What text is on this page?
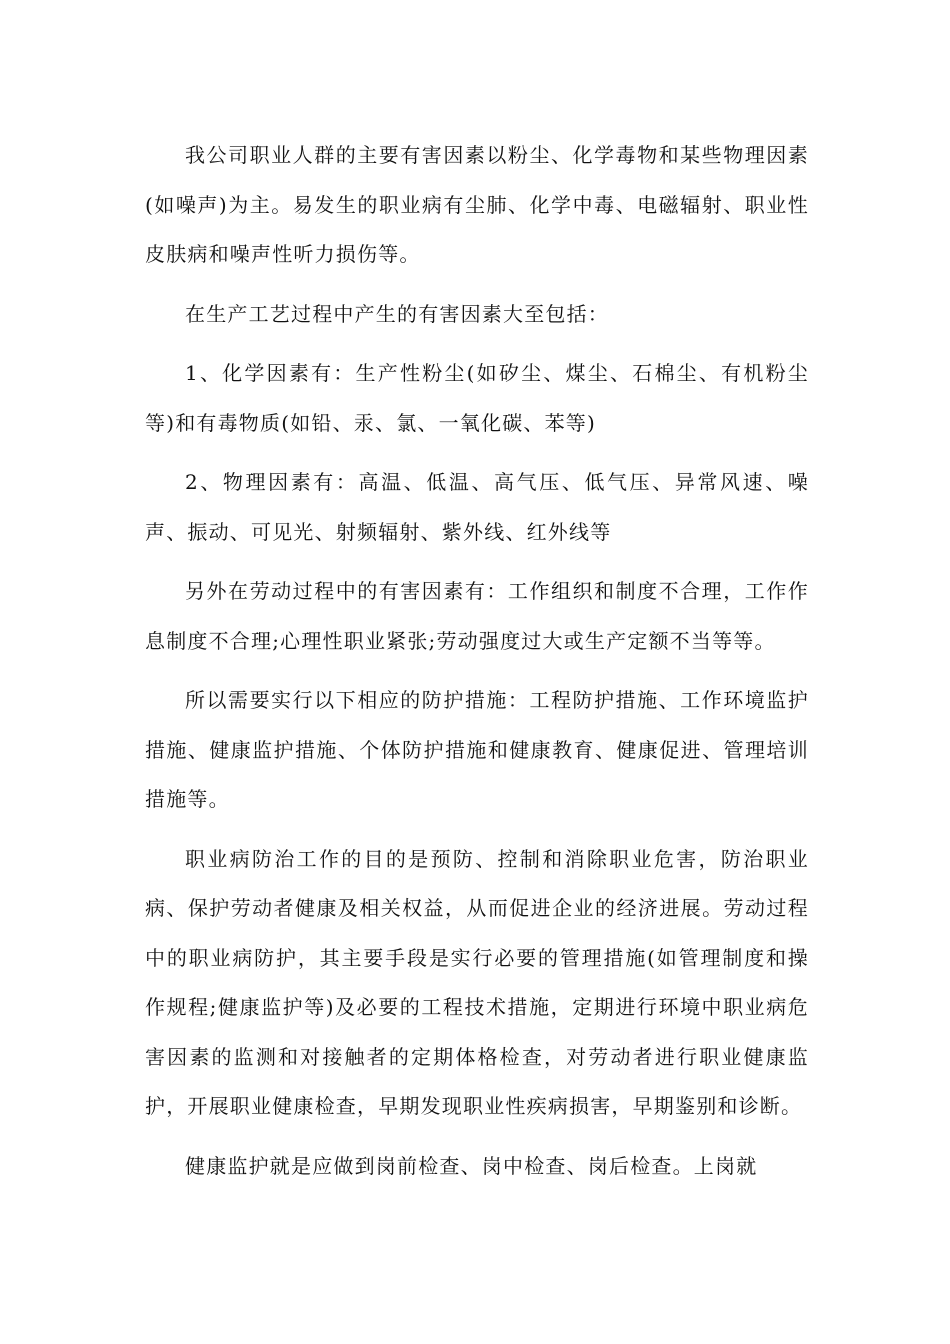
我公司职业人群的主要有害因素以粉尘、化学毒物和某些物理因素(如噪声)为主。易发生的职业病有尘肺、化学中毒、电磁辐射、职业性皮肤病和噪声性听力损伤等。

在生产工艺过程中产生的有害因素大至包括：

1、化学因素有：生产性粉尘(如矽尘、煤尘、石棉尘、有机粉尘等)和有毒物质(如铅、汞、氯、一氧化碳、苯等)

2、物理因素有：高温、低温、高气压、低气压、异常风速、噪声、振动、可见光、射频辐射、紫外线、红外线等

另外在劳动过程中的有害因素有：工作组织和制度不合理，工作作息制度不合理;心理性职业紧张;劳动强度过大或生产定额不当等等。

所以需要实行以下相应的防护措施：工程防护措施、工作环境监护措施、健康监护措施、个体防护措施和健康教育、健康促进、管理培训措施等。

职业病防治工作的目的是预防、控制和消除职业危害，防治职业病、保护劳动者健康及相关权益，从而促进企业的经济进展。劳动过程中的职业病防护，其主要手段是实行必要的管理措施(如管理制度和操作规程;健康监护等)及必要的工程技术措施，定期进行环境中职业病危害因素的监测和对接触者的定期体格检查，对劳动者进行职业健康监护，开展职业健康检查，早期发现职业性疾病损害，早期鉴别和诊断。

健康监护就是应做到岗前检查、岗中检查、岗后检查。上岗就
